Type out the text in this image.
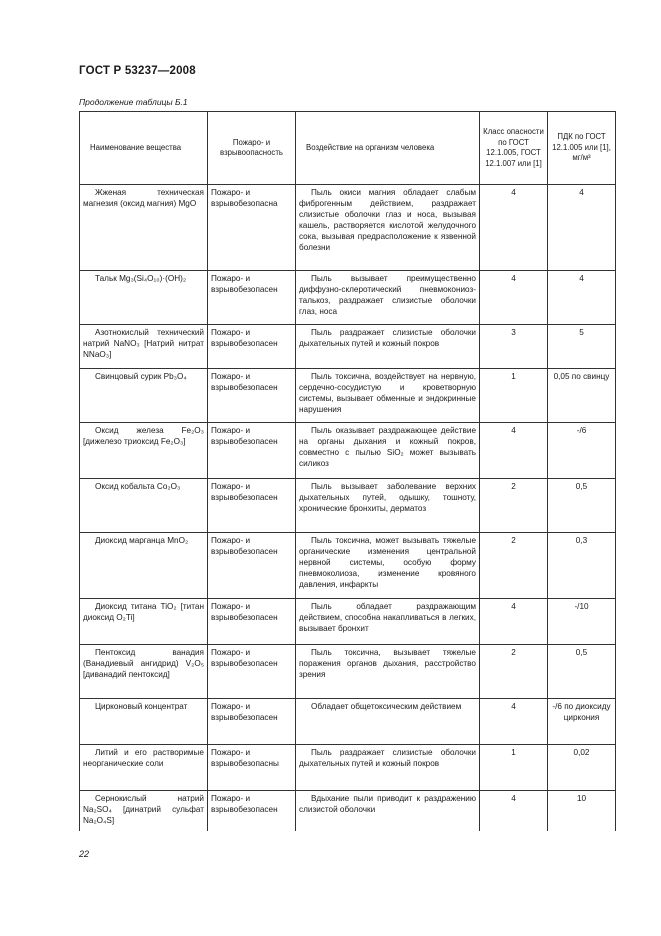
ГОСТ Р 53237—2008
Продолжение таблицы Б.1
Наименование вещества	Пожаро- и взрывоопасность	Воздействие на организм человека	Класс опасности по ГОСТ 12.1.005, ГОСТ 12.1.007 или [1]	ПДК по ГОСТ 12.1.005 или [1], мг/м³

Жженая техническая магнезия (оксид магния) MgO	Пожаро- и взрывобезопасна	Пыль окиси магния обладает слабым фиброгенным действием, раздражает слизистые оболочки глаз и носа, вызывая кашель, растворяется кислотой желудочного сока, вызывая предрасположение к язвенной болезни	4	4

Тальк Mg₃(Si₄O₁₀)·(OH)₂	Пожаро- и взрывобезопасен	Пыль вызывает преимущественно диффузно-склеротический пневмокониоз-талькоз, раздражает слизистые оболочки глаз, носа	4	4

Азотнокислый технический натрий NaNO₃ [Натрий нитрат NNaO₃]	Пожаро- и взрывобезопасен	Пыль раздражает слизистые оболочки дыхательных путей и кожный покров	3	5

Свинцовый сурик Pb₃O₄	Пожаро- и взрывобезопасен	Пыль токсична, воздействует на нервную, сердечно-сосудистую и кроветворную системы, вызывает обменные и эндокринные нарушения	1	0,05 по свинцу

Оксид железа Fe₂O₃ [дижелезо триоксид Fe₂O₃]	Пожаро- и взрывобезопасен	Пыль оказывает раздражающее действие на органы дыхания и кожный покров, совместно с пылью SiO₂ может вызывать силикоз	4	-/6

Оксид кобальта Co₂O₃	Пожаро- и взрывобезопасен	Пыль вызывает заболевание верхних дыхательных путей, одышку, тошноту, хронические бронхиты, дерматоз	2	0,5

Диоксид марганца MnO₂	Пожаро- и взрывобезопасен	Пыль токсична, может вызывать тяжелые органические изменения центральной нервной системы, особую форму пневмоколиоза, изменение кровяного давления, инфаркты	2	0,3

Диоксид титана TiO₂ [титан диоксид O₂Ti]	Пожаро- и взрывобезопасен	Пыль обладает раздражающим действием, способна накапливаться в легких, вызывает бронхит	4	-/10

Пентоксид ванадия (Ванадиевый ангидрид) V₂O₅ [диванадий пентоксид]	Пожаро- и взрывобезопасен	Пыль токсична, вызывает тяжелые поражения органов дыхания, расстройство зрения	2	0,5

Цирконовый концентрат	Пожаро- и взрывобезопасен	Обладает общетоксическим действием	4	-/6 по диоксиду циркония

Литий и его растворимые неорганические соли	Пожаро- и взрывобезопасны	Пыль раздражает слизистые оболочки дыхательных путей и кожный покров	1	0,02

Сернокислый натрий Na₂SO₄ [динатрий сульфат Na₂O₄S]	Пожаро- и взрывобезопасен	Вдыхание пыли приводит к раздражению слизистой оболочки	4	10
22
